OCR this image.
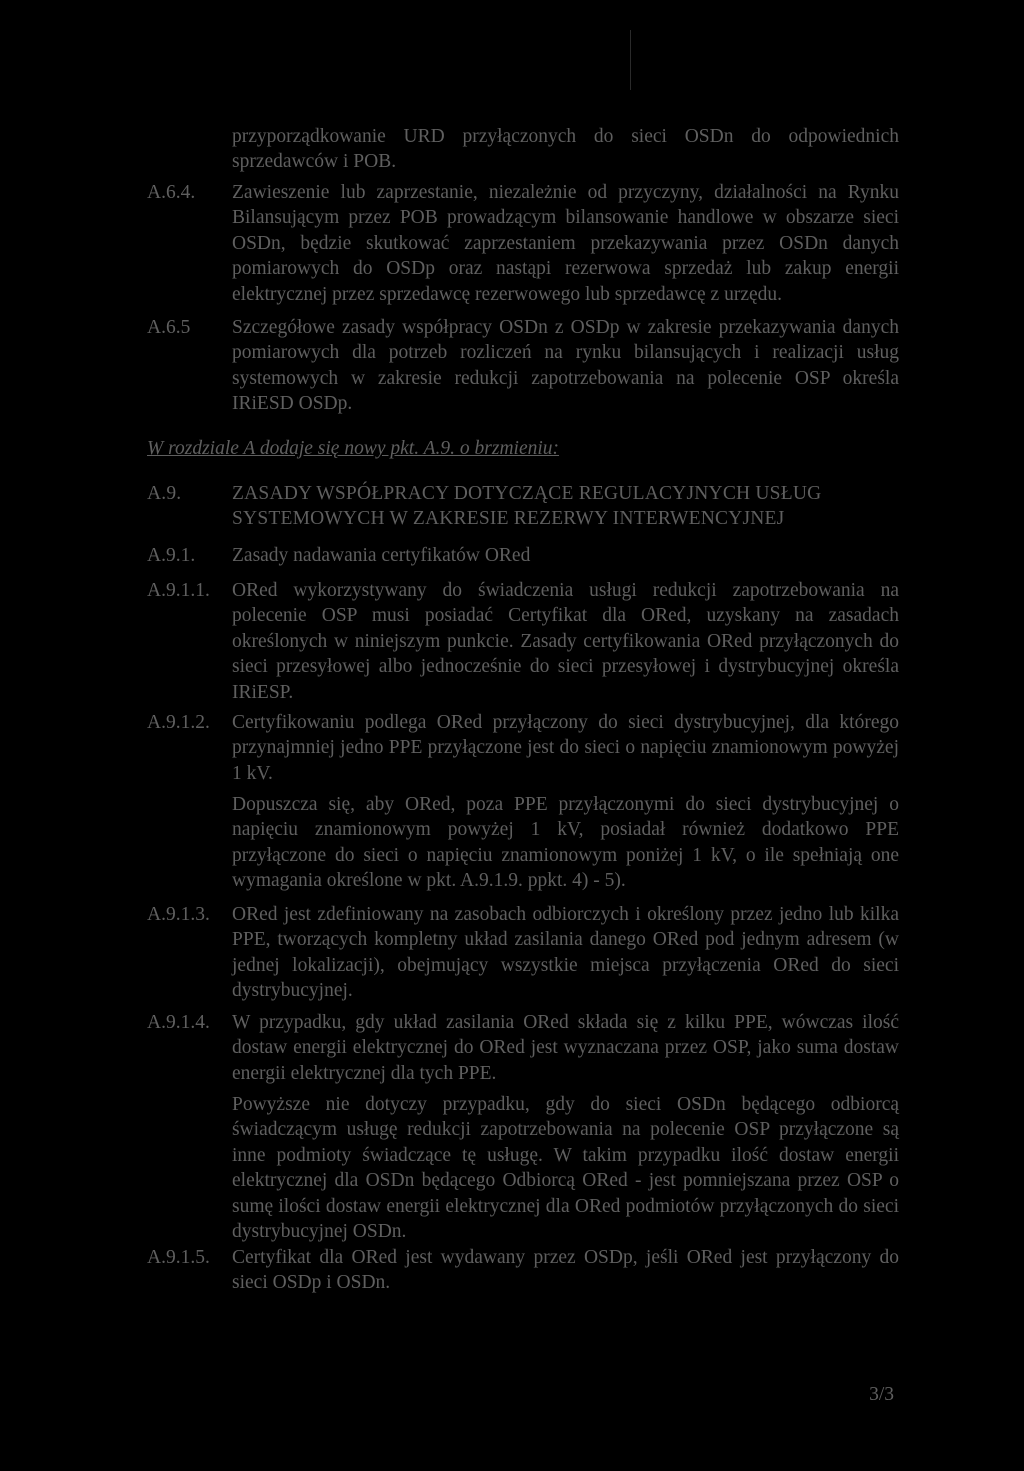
przyporządkowanie URD przyłączonych do sieci OSDn do odpowiednich sprzedawców i POB.

A.6.4.	Zawieszenie lub zaprzestanie, niezależnie od przyczyny, działalności na Rynku Bilansującym przez POB prowadzącym bilansowanie handlowe w obszarze sieci OSDn, będzie skutkować zaprzestaniem przekazywania przez OSDn danych pomiarowych do OSDp oraz nastąpi rezerwowa sprzedaż lub zakup energii elektrycznej przez sprzedawcę rezerwowego lub sprzedawcę z urzędu.

A.6.5	Szczegółowe zasady współpracy OSDn z OSDp w zakresie przekazywania danych pomiarowych dla potrzeb rozliczeń na rynku bilansujących i realizacji usług systemowych w zakresie redukcji zapotrzebowania na polecenie OSP określa IRiESD OSDp.

W rozdziale A dodaje się nowy pkt. A.9. o brzmieniu:
A.9.	ZASADY WSPÓŁPRACY DOTYCZĄCE REGULACYJNYCH USŁUG SYSTEMOWYCH W ZAKRESIE REZERWY INTERWENCYJNEJ

A.9.1.	Zasady nadawania certyfikatów ORed

A.9.1.1.	ORed wykorzystywany do świadczenia usługi redukcji zapotrzebowania na polecenie OSP musi posiadać Certyfikat dla ORed, uzyskany na zasadach określonych w niniejszym punkcie. Zasady certyfikowania ORed przyłączonych do sieci przesyłowej albo jednocześnie do sieci przesyłowej i dystrybucyjnej określa IRiESP.

A.9.1.2.	Certyfikowaniu podlega ORed przyłączony do sieci dystrybucyjnej, dla którego przynajmniej jedno PPE przyłączone jest do sieci o napięciu znamionowym powyżej 1 kV.

Dopuszcza się, aby ORed, poza PPE przyłączonymi do sieci dystrybucyjnej o napięciu znamionowym powyżej 1 kV, posiadał również dodatkowo PPE przyłączone do sieci o napięciu znamionowym poniżej 1 kV, o ile spełniają one wymagania określone w pkt. A.9.1.9. ppkt. 4) - 5).

A.9.1.3.	ORed jest zdefiniowany na zasobach odbiorczych i określony przez jedno lub kilka PPE, tworzących kompletny układ zasilania danego ORed pod jednym adresem (w jednej lokalizacji), obejmujący wszystkie miejsca przyłączenia ORed do sieci dystrybucyjnej.

A.9.1.4.	W przypadku, gdy układ zasilania ORed składa się z kilku PPE, wówczas ilość dostaw energii elektrycznej do ORed jest wyznaczana przez OSP, jako suma dostaw energii elektrycznej dla tych PPE.

Powyższe nie dotyczy przypadku, gdy do sieci OSDn będącego odbiorcą świadczącym usługę redukcji zapotrzebowania na polecenie OSP przyłączone są inne podmioty świadczące tę usługę. W takim przypadku ilość dostaw energii elektrycznej dla OSDn będącego Odbiorcą ORed - jest pomniejszana przez OSP o sumę ilości dostaw energii elektrycznej dla ORed podmiotów przyłączonych do sieci dystrybucyjnej OSDn.

A.9.1.5.	Certyfikat dla ORed jest wydawany przez OSDp, jeśli ORed jest przyłączony do sieci OSDp i OSDn.

3/3
